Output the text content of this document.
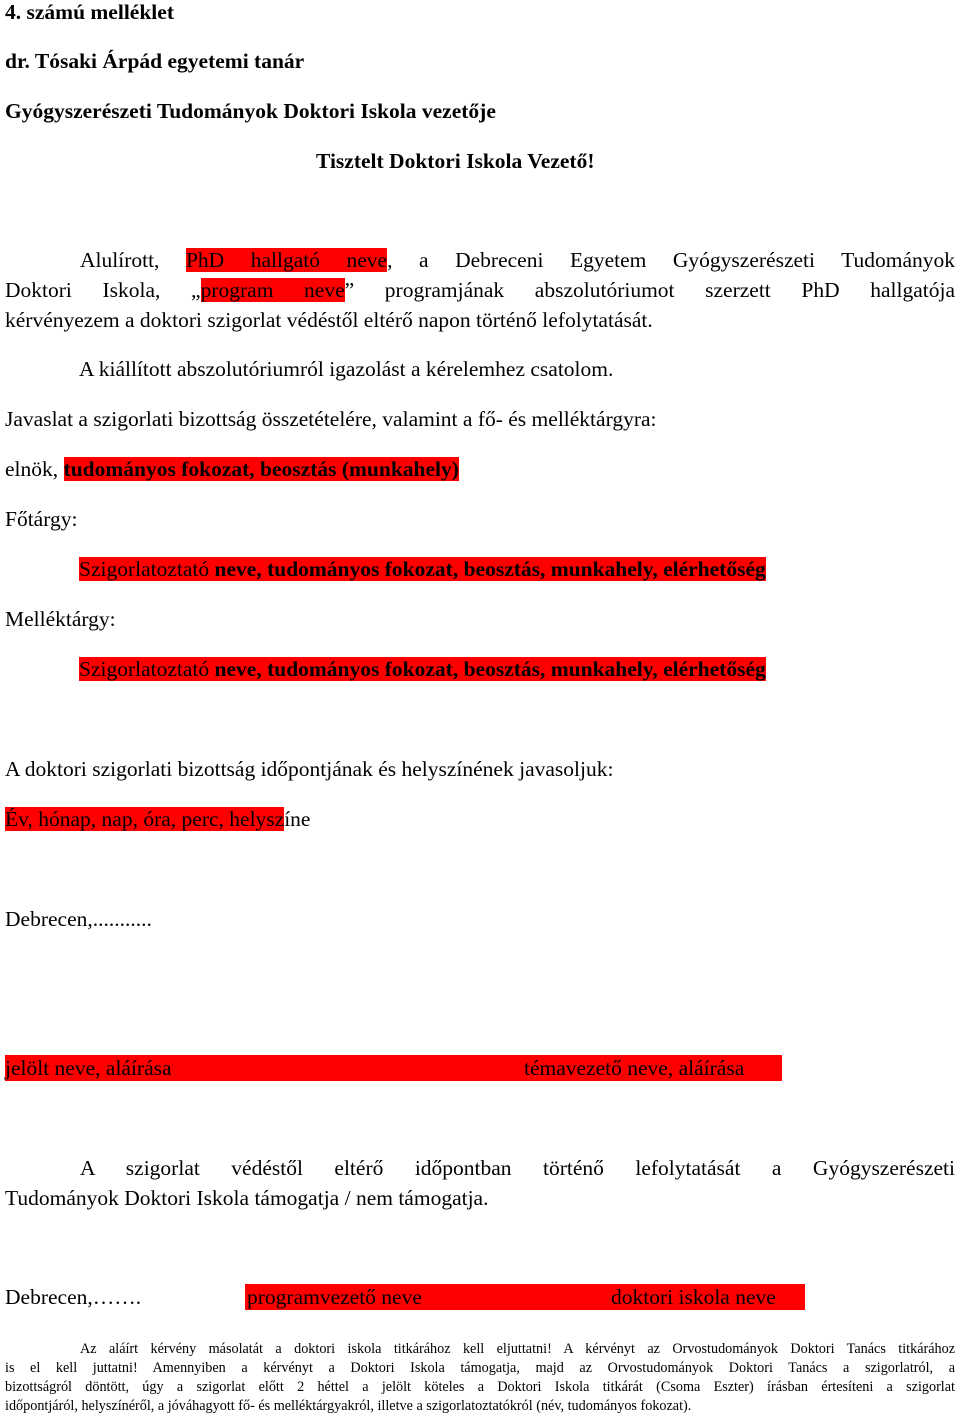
4. számú melléklet
dr. Tósaki Árpád egyetemi tanár
Gyógyszerészeti Tudományok Doktori Iskola vezetője
Tisztelt Doktori Iskola Vezető!
Alulírott, PhD hallgató neve, a Debreceni Egyetem Gyógyszerészeti Tudományok
Doktori Iskola, „program neve” programjának abszolutóriumot szerzett PhD hallgatója
kérvényezem a doktori szigorlat védéstől eltérő napon történő lefolytatását.
A kiállított abszolutóriumról igazolást a kérelemhez csatolom.
Javaslat a szigorlati bizottság összetételére, valamint a fő- és melléktárgyra:
elnök, tudományos fokozat, beosztás (munkahely)
Főtárgy:
Szigorlatoztató neve, tudományos fokozat, beosztás, munkahely, elérhetőség
Melléktárgy:
Szigorlatoztató neve, tudományos fokozat, beosztás, munkahely, elérhetőség
A doktori szigorlati bizottság időpontjának és helyszínének javasoljuk:
Év, hónap, nap, óra, perc, helyszíne
Debrecen,...........
jelölt neve, aláírása	témavezető neve, aláírása
A szigorlat védéstől eltérő időpontban történő lefolytatását a Gyógyszerészeti
Tudományok Doktori Iskola támogatja / nem támogatja.
Debrecen,…….	programvezető neve	doktori iskola neve
Az aláírt kérvény másolatát a doktori iskola titkárához kell eljuttatni! A kérvényt az Orvostudományok Doktori Tanács titkárához
is el kell juttatni! Amennyiben a kérvényt a Doktori Iskola támogatja, majd az Orvostudományok Doktori Tanács a szigorlatról, a
bizottságról döntött, úgy a szigorlat előtt 2 héttel a jelölt köteles a Doktori Iskola titkárát (Csoma Eszter) írásban értesíteni a szigorlat
időpontjáról, helyszínéről, a jóváhagyott fő- és melléktárgyakról, illetve a szigorlatoztatókról (név, tudományos fokozat).
